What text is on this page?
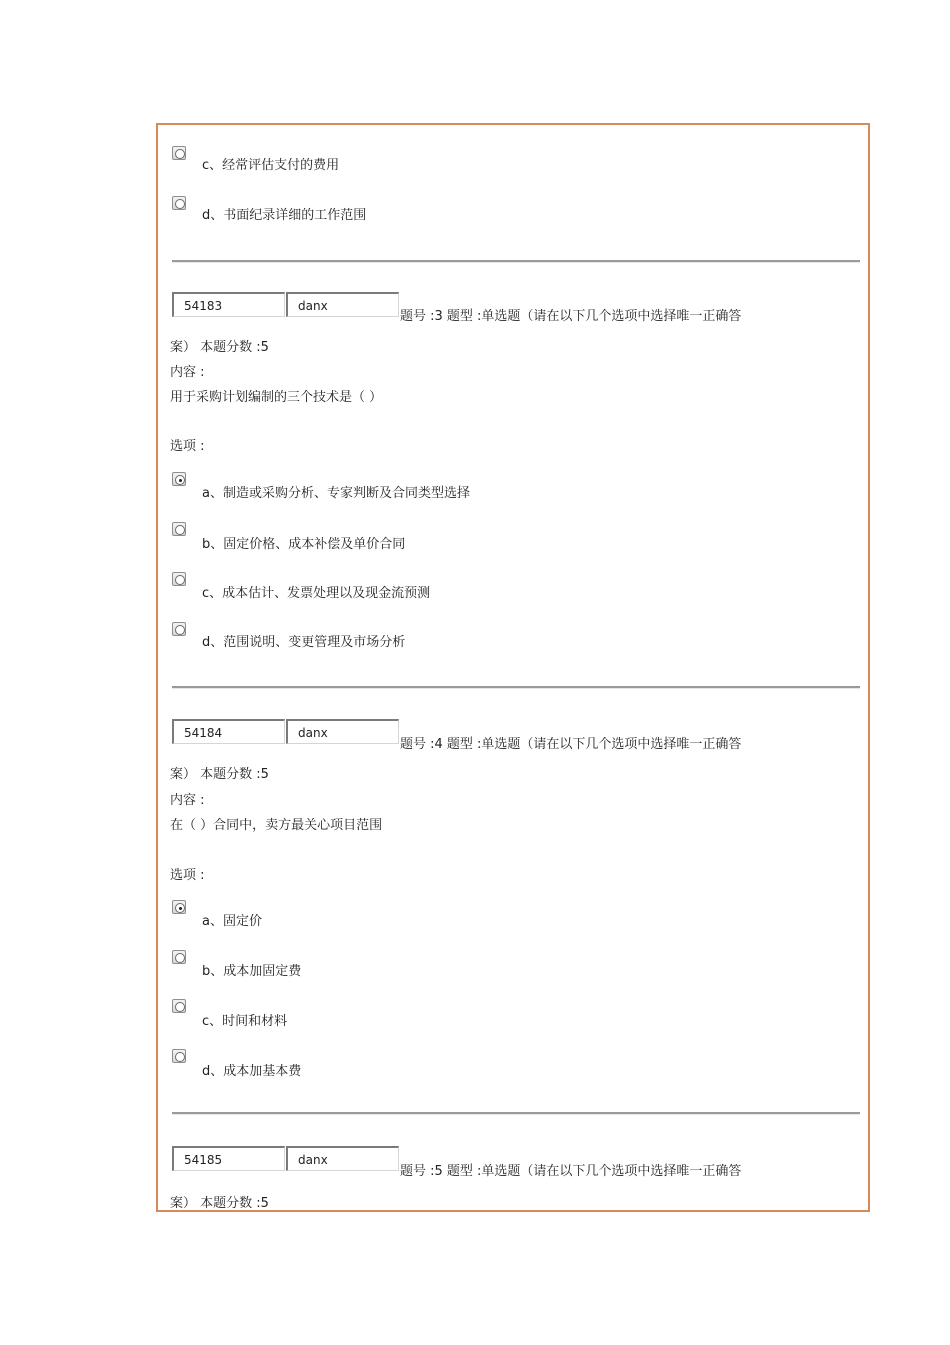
c、经常评估支付的费用
d、书面纪录详细的工作范围
54183	danx
题号 :3 题型 :单选题（请在以下几个选项中选择唯一正确答
案） 本题分数 :5
内容 :
用于采购计划编制的三个技术是（ ）
选项 :
a、制造或采购分析、专家判断及合同类型选择
b、固定价格、成本补偿及单价合同
c、成本估计、发票处理以及现金流预测
d、范围说明、变更管理及市场分析
54184	danx
题号 :4 题型 :单选题（请在以下几个选项中选择唯一正确答
案） 本题分数 :5
内容 :
在（ ）合同中，卖方最关心项目范围
选项 :
a、固定价
b、成本加固定费
c、时间和材料
d、成本加基本费
54185	danx
题号 :5 题型 :单选题（请在以下几个选项中选择唯一正确答
案） 本题分数 :5
